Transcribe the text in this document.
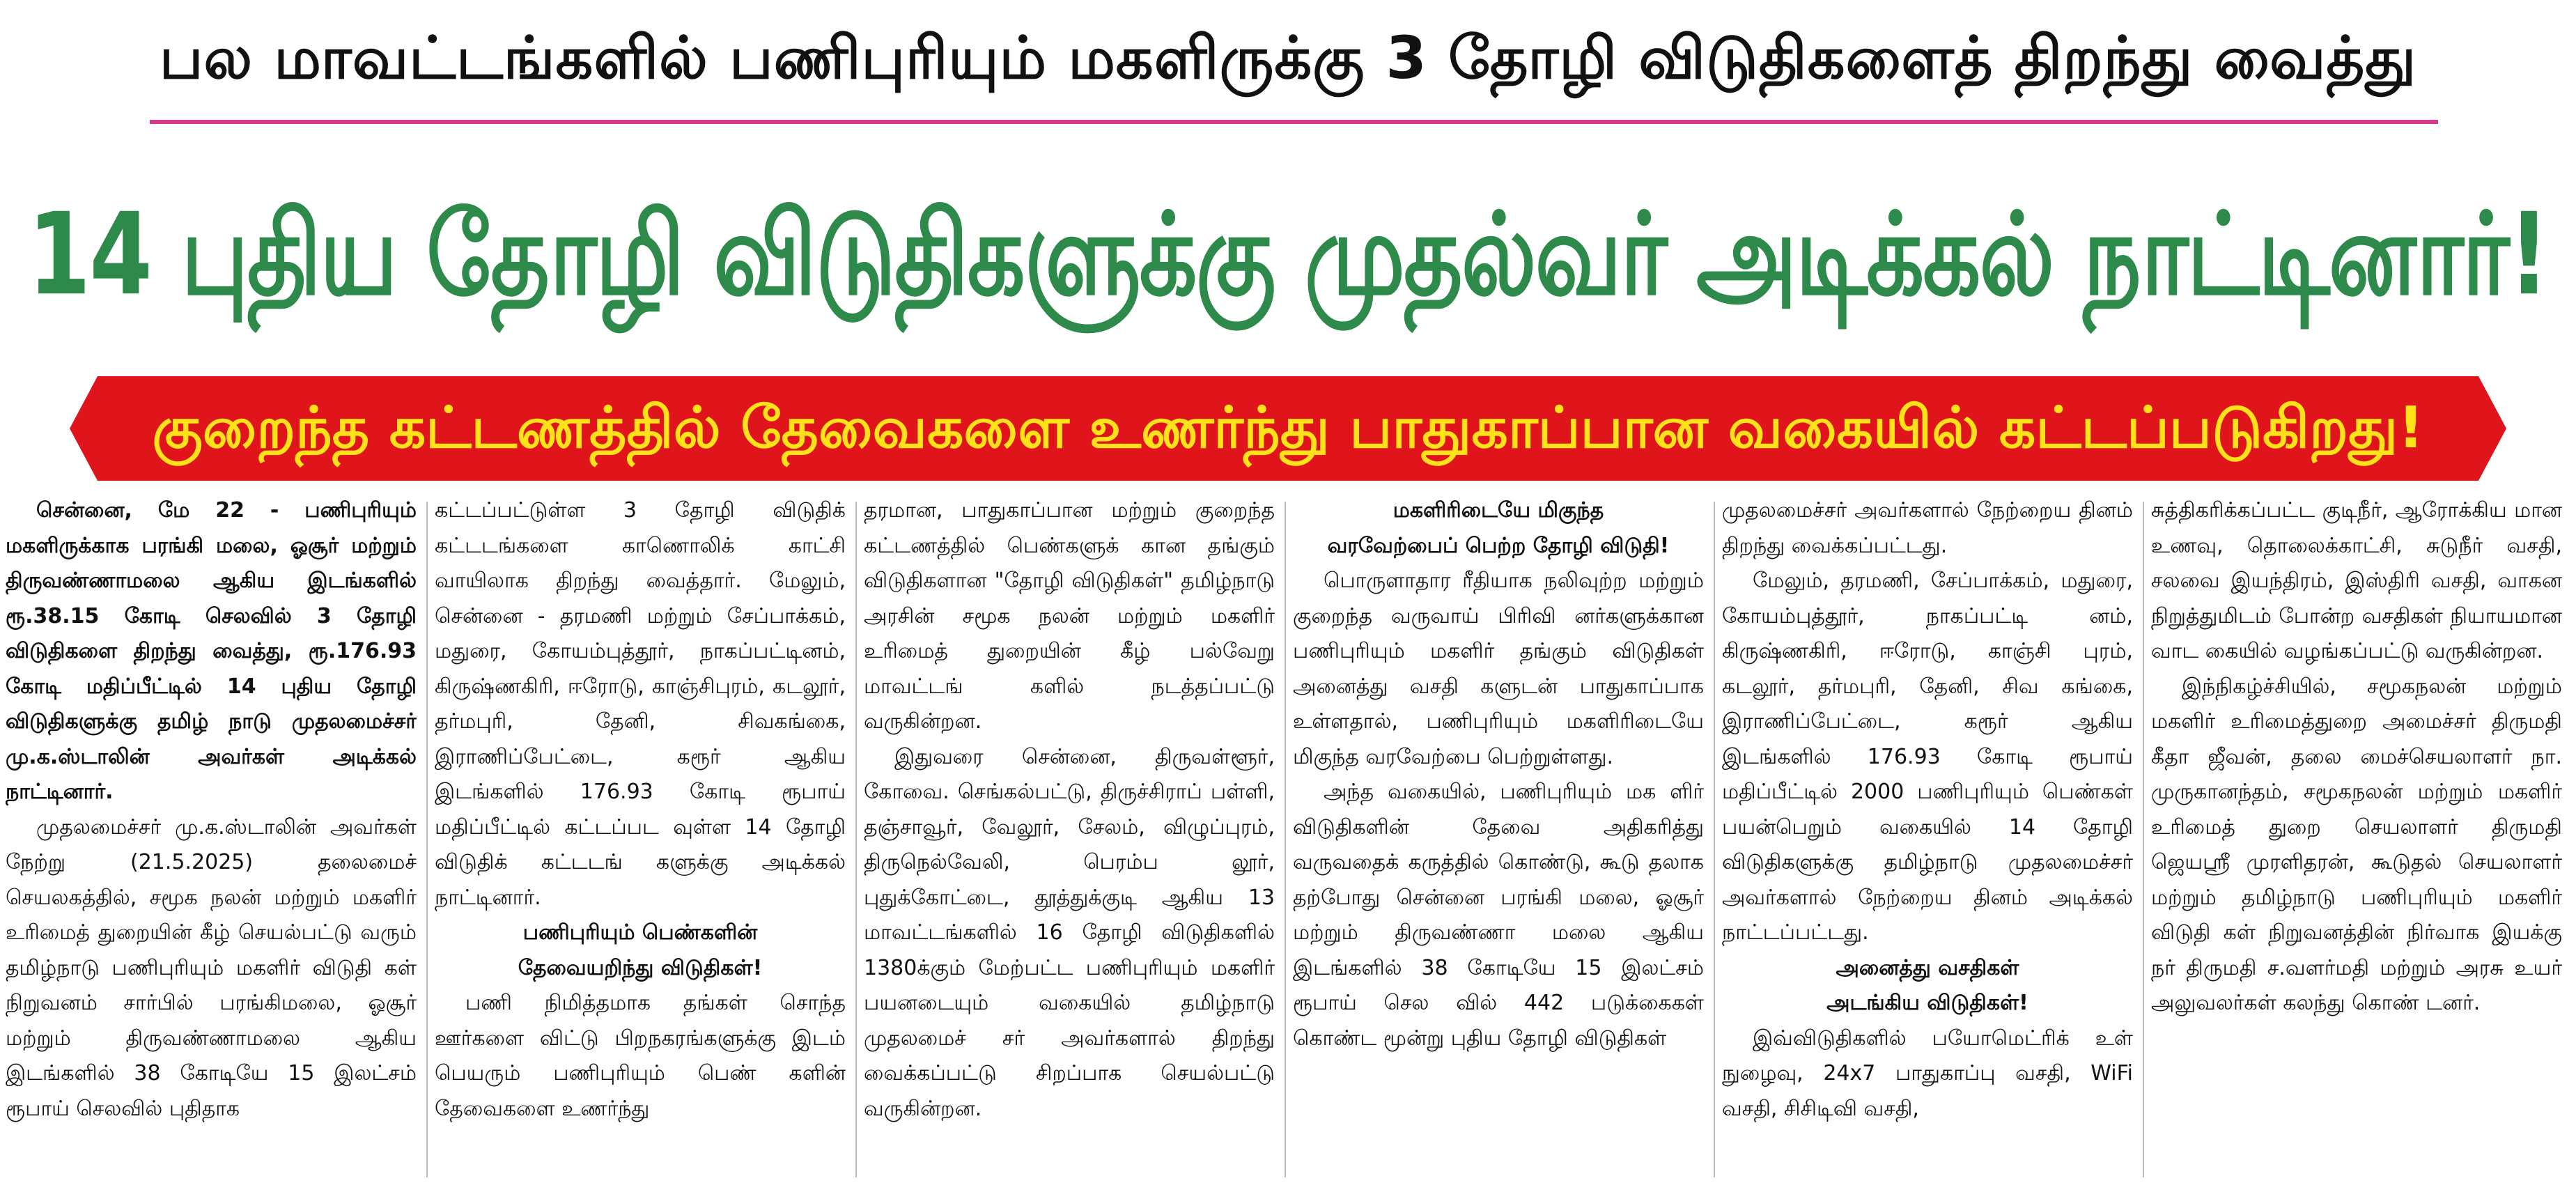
பல மாவட்டங்களில் பணிபுரியும் மகளிருக்கு 3 தோழி விடுதிகளைத் திறந்து வைத்து
14 புதிய தோழி விடுதிகளுக்கு முதல்வர் அடிக்கல் நாட்டினார்!
குறைந்த கட்டணத்தில் தேவைகளை உணர்ந்து பாதுகாப்பான வகையில் கட்டப்படுகிறது!

சென்னை, மே 22 - பணிபுரியும் மகளிருக்காக பரங்கி மலை, ஓசூர் மற்றும் திருவண்ணாமலை ஆகிய இடங்களில் ரூ.38.15 கோடி செலவில் 3 தோழி விடுதிகளை திறந்து வைத்து, ரூ.176.93 கோடி மதிப்பீட்டில் 14 புதிய தோழி விடுதிகளுக்கு தமிழ் நாடு முதலமைச்சர் மு.க.ஸ்டாலின் அவர்கள் அடிக்கல் நாட்டினார்.

முதலமைச்சர் மு.க.ஸ்டாலின் அவர்கள் நேற்று (21.5.2025) தலைமைச் செயலகத்தில், சமூக நலன் மற்றும் மகளிர் உரிமைத் துறையின் கீழ் செயல்பட்டு வரும் தமிழ்நாடு பணிபுரியும் மகளிர் விடுதி கள் நிறுவனம் சார்பில் பரங்கிமலை, ஓசூர் மற்றும் திருவண்ணாமலை ஆகிய இடங்களில் 38 கோடியே 15 இலட்சம் ரூபாய் செலவில் புதிதாக

கட்டப்பட்டுள்ள 3 தோழி விடுதிக் கட்டடங்களை காணொலிக் காட்சி வாயிலாக திறந்து வைத்தார். மேலும், சென்னை - தரமணி மற்றும் சேப்பாக்கம், மதுரை, கோயம்புத்தூர், நாகப்பட்டினம், கிருஷ்ணகிரி, ஈரோடு, காஞ்சிபுரம், கடலூர், தர்மபுரி, தேனி, சிவகங்கை, இராணிப்பேட்டை, கரூர் ஆகிய இடங்களில் 176.93 கோடி ரூபாய் மதிப்பீட்டில் கட்டப்பட வுள்ள 14 தோழி விடுதிக் கட்டடங் களுக்கு அடிக்கல் நாட்டினார்.

பணிபுரியும் பெண்களின்

தேவையறிந்து விடுதிகள்!

பணி நிமித்தமாக தங்கள் சொந்த ஊர்களை விட்டு பிறநகரங்களுக்கு இடம் பெயரும் பணிபுரியும் பெண் களின் தேவைகளை உணர்ந்து

தரமான, பாதுகாப்பான மற்றும் குறைந்த கட்டணத்தில் பெண்களுக் கான தங்கும் விடுதிகளான "தோழி விடுதிகள்" தமிழ்நாடு அரசின் சமூக நலன் மற்றும் மகளிர் உரிமைத் துறையின் கீழ் பல்வேறு மாவட்டங் களில் நடத்தப்பட்டு வருகின்றன.

இதுவரை சென்னை, திருவள்ளூர், கோவை. செங்கல்பட்டு, திருச்சிராப் பள்ளி, தஞ்சாவூர், வேலூர், சேலம், விழுப்புரம், திருநெல்வேலி, பெரம்ப லூர், புதுக்கோட்டை, தூத்துக்குடி ஆகிய 13 மாவட்டங்களில் 16 தோழி விடுதிகளில் 1380க்கும் மேற்பட்ட பணிபுரியும் மகளிர் பயனடையும் வகையில் தமிழ்நாடு முதலமைச் சர் அவர்களால் திறந்து வைக்கப்பட்டு சிறப்பாக செயல்பட்டு வருகின்றன.

மகளிரிடையே மிகுந்த

வரவேற்பைப் பெற்ற தோழி விடுதி!

பொருளாதார ரீதியாக நலிவுற்ற மற்றும் குறைந்த வருவாய் பிரிவி னர்களுக்கான பணிபுரியும் மகளிர் தங்கும் விடுதிகள் அனைத்து வசதி களுடன் பாதுகாப்பாக உள்ளதால், பணிபுரியும் மகளிரிடையே மிகுந்த வரவேற்பை பெற்றுள்ளது.

அந்த வகையில், பணிபுரியும் மக ளிர் விடுதிகளின் தேவை அதிகரித்து வருவதைக் கருத்தில் கொண்டு, கூடு தலாக தற்போது சென்னை பரங்கி மலை, ஓசூர் மற்றும் திருவண்ணா மலை ஆகிய இடங்களில் 38 கோடியே 15 இலட்சம் ரூபாய் செல வில் 442 படுக்கைகள் கொண்ட மூன்று புதிய தோழி விடுதிகள்

முதலமைச்சர் அவர்களால் நேற்றைய தினம் திறந்து வைக்கப்பட்டது.

மேலும், தரமணி, சேப்பாக்கம், மதுரை, கோயம்புத்தூர், நாகப்பட்டி னம், கிருஷ்ணகிரி, ஈரோடு, காஞ்சி புரம், கடலூர், தர்மபுரி, தேனி, சிவ கங்கை, இராணிப்பேட்டை, கரூர் ஆகிய இடங்களில் 176.93 கோடி ரூபாய் மதிப்பீட்டில் 2000 பணிபுரியும் பெண்கள் பயன்பெறும் வகையில் 14 தோழி விடுதிகளுக்கு தமிழ்நாடு முதலமைச்சர் அவர்களால் நேற்றைய தினம் அடிக்கல் நாட்டப்பட்டது.

அனைத்து வசதிகள்

அடங்கிய விடுதிகள்!

இவ்விடுதிகளில் பயோமெட்ரிக் உள் நுழைவு, 24x7 பாதுகாப்பு வசதி, WiFi வசதி, சிசிடிவி வசதி,

சுத்திகரிக்கப்பட்ட குடிநீர், ஆரோக்கிய மான உணவு, தொலைக்காட்சி, சுடுநீர் வசதி, சலவை இயந்திரம், இஸ்திரி வசதி, வாகன நிறுத்துமிடம் போன்ற வசதிகள் நியாயமான வாட கையில் வழங்கப்பட்டு வருகின்றன.

இந்நிகழ்ச்சியில், சமூகநலன் மற்றும் மகளிர் உரிமைத்துறை அமைச்சர் திருமதி கீதா ஜீவன், தலை மைச்செயலாளர் நா. முருகானந்தம், சமூகநலன் மற்றும் மகளிர் உரிமைத் துறை செயலாளர் திருமதி ஜெயஸ்ரீ முரளிதரன், கூடுதல் செயலாளர் மற்றும் தமிழ்நாடு பணிபுரியும் மகளிர் விடுதி கள் நிறுவனத்தின் நிர்வாக இயக்கு நர் திருமதி ச.வளர்மதி மற்றும் அரசு உயர் அலுவலர்கள் கலந்து கொண் டனர்.
